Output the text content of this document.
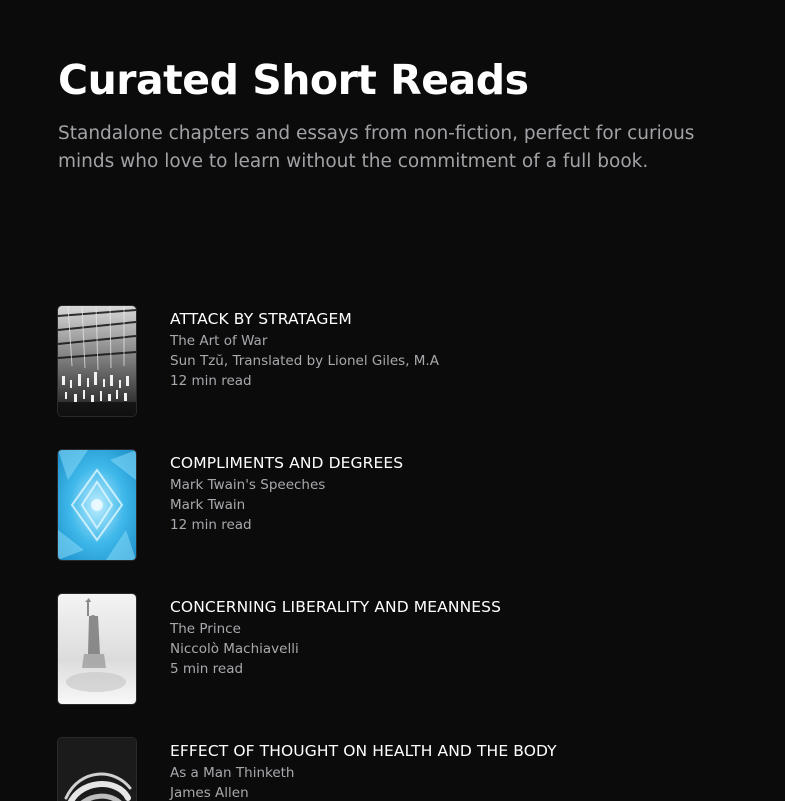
Curated Short Reads

Standalone chapters and essays from non-fiction, perfect for curious minds who love to learn without the commitment of a full book.

ATTACK BY STRATAGEM
The Art of War
Sun Tzŭ, Translated by Lionel Giles, M.A
12 min read
COMPLIMENTS AND DEGREES
Mark Twain's Speeches
Mark Twain
12 min read
CONCERNING LIBERALITY AND MEANNESS
The Prince
Niccolò Machiavelli
5 min read
EFFECT OF THOUGHT ON HEALTH AND THE BODY
As a Man Thinketh
James Allen
